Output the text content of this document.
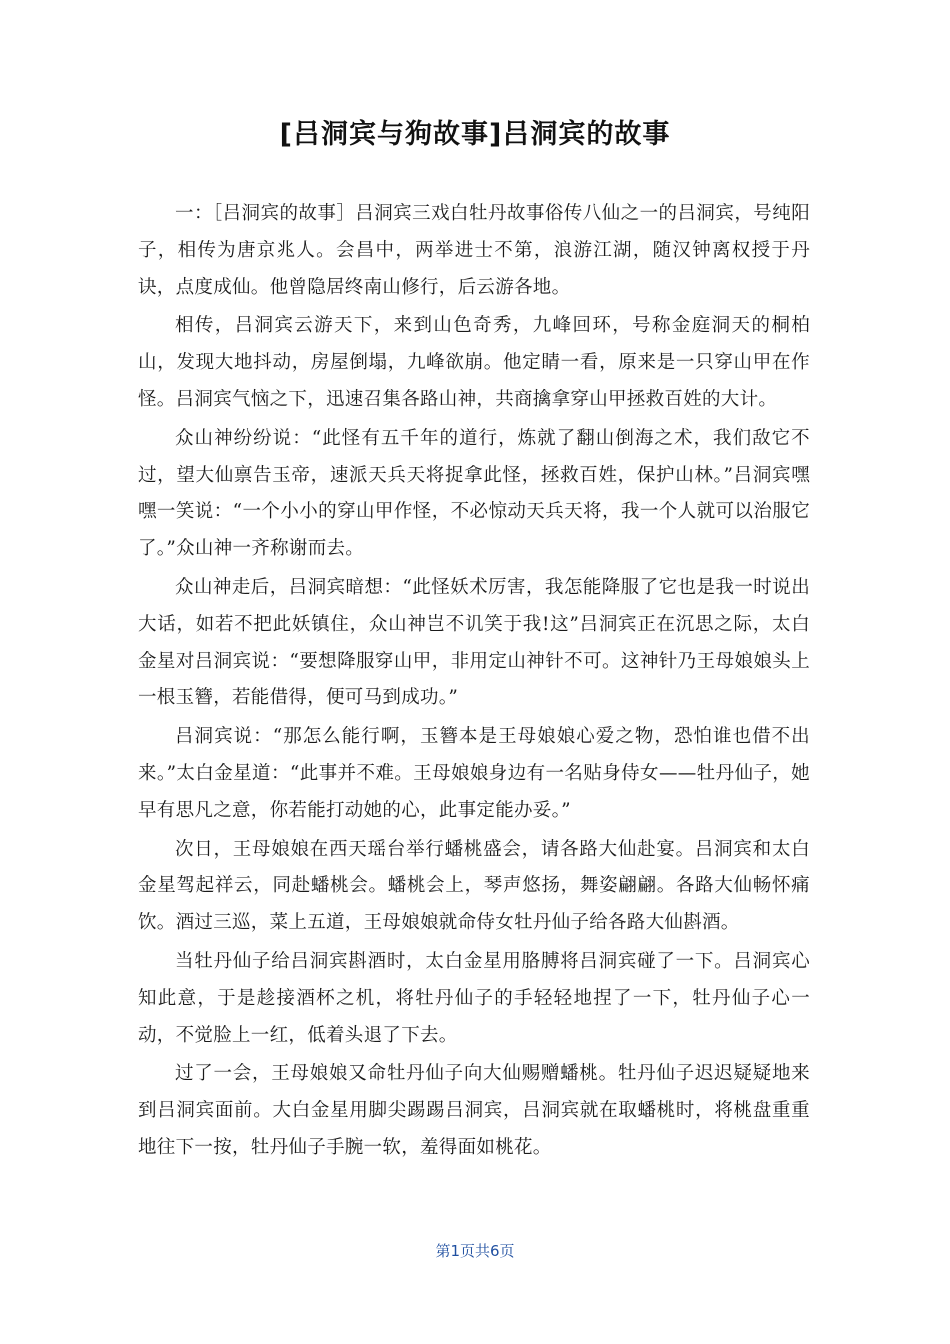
[吕洞宾与狗故事]吕洞宾的故事

一：［吕洞宾的故事］吕洞宾三戏白牡丹故事俗传八仙之一的吕洞宾，号纯阳子，相传为唐京兆人。会昌中，两举进士不第，浪游江湖，随汉钟离权授于丹诀，点度成仙。他曾隐居终南山修行，后云游各地。

相传，吕洞宾云游天下，来到山色奇秀，九峰回环，号称金庭洞天的桐柏山，发现大地抖动，房屋倒塌，九峰欲崩。他定睛一看，原来是一只穿山甲在作怪。吕洞宾气恼之下，迅速召集各路山神，共商擒拿穿山甲拯救百姓的大计。

众山神纷纷说：“此怪有五千年的道行，炼就了翻山倒海之术，我们敌它不过，望大仙禀告玉帝，速派天兵天将捉拿此怪，拯救百姓，保护山林。”吕洞宾嘿嘿一笑说：“一个小小的穿山甲作怪，不必惊动天兵天将，我一个人就可以治服它了。”众山神一齐称谢而去。

众山神走后，吕洞宾暗想：“此怪妖术厉害，我怎能降服了它也是我一时说出大话，如若不把此妖镇住，众山神岂不讥笑于我!这”吕洞宾正在沉思之际，太白金星对吕洞宾说：“要想降服穿山甲，非用定山神针不可。这神针乃王母娘娘头上一根玉簪，若能借得，便可马到成功。”

吕洞宾说：“那怎么能行啊，玉簪本是王母娘娘心爱之物，恐怕谁也借不出来。”太白金星道：“此事并不难。王母娘娘身边有一名贴身侍女——牡丹仙子，她早有思凡之意，你若能打动她的心，此事定能办妥。”

次日，王母娘娘在西天瑶台举行蟠桃盛会，请各路大仙赴宴。吕洞宾和太白金星驾起祥云，同赴蟠桃会。蟠桃会上，琴声悠扬，舞姿翩翩。各路大仙畅怀痛饮。酒过三巡，菜上五道，王母娘娘就命侍女牡丹仙子给各路大仙斟酒。

当牡丹仙子给吕洞宾斟酒时，太白金星用胳膊将吕洞宾碰了一下。吕洞宾心知此意，于是趁接酒杯之机，将牡丹仙子的手轻轻地捏了一下，牡丹仙子心一动，不觉脸上一红，低着头退了下去。

过了一会，王母娘娘又命牡丹仙子向大仙赐赠蟠桃。牡丹仙子迟迟疑疑地来到吕洞宾面前。大白金星用脚尖踢踢吕洞宾，吕洞宾就在取蟠桃时，将桃盘重重地往下一按，牡丹仙子手腕一软，羞得面如桃花。

第1页共6页
